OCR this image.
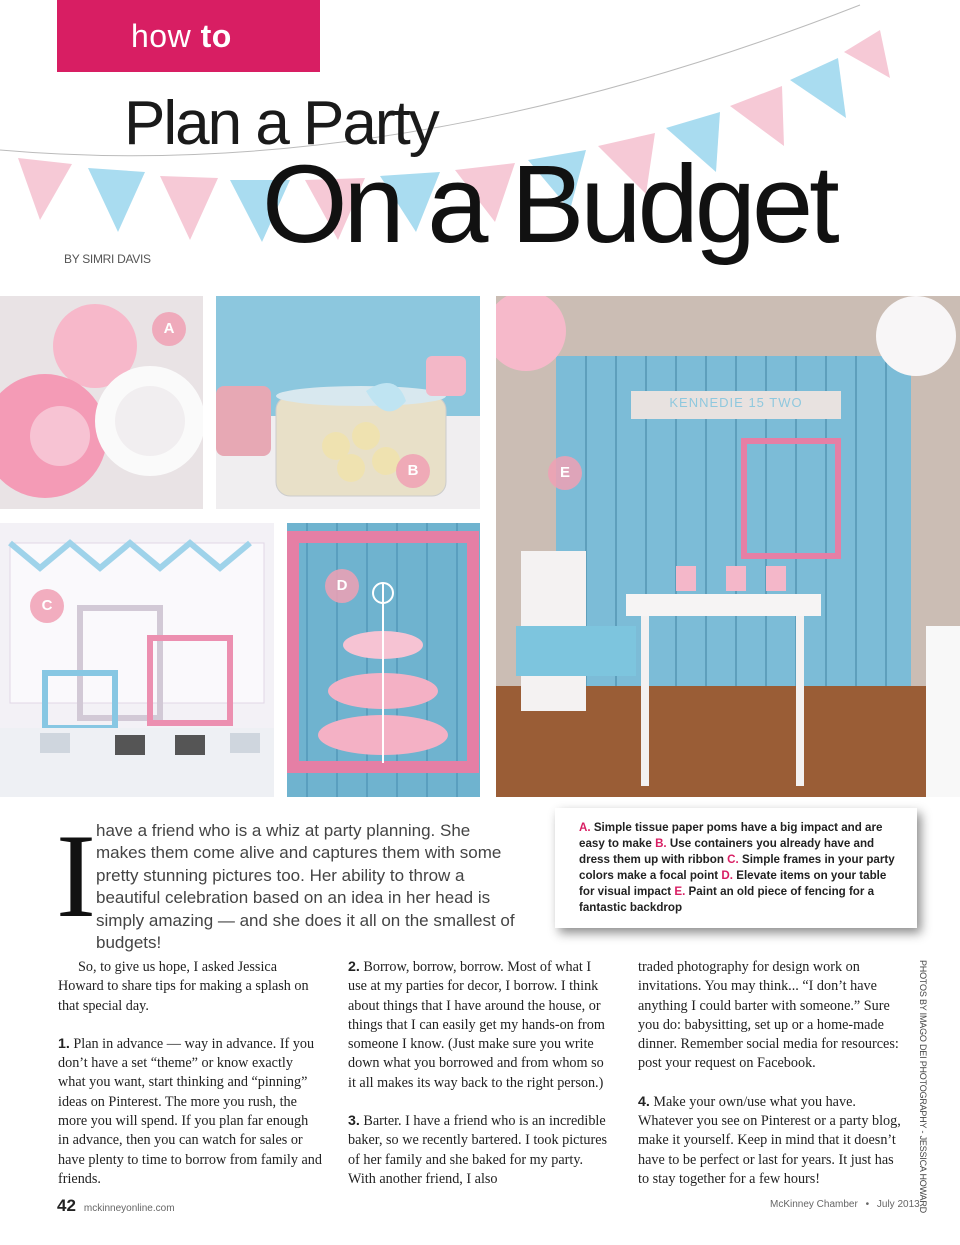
how to
Plan a Party
On a Budget
BY SIMRI DAVIS
A
B
C
D
KENNEDIE 15 TWO
E
I have a friend who is a whiz at party planning. She makes them come alive and captures them with some pretty stunning pictures too. Her ability to throw a beautiful celebration based on an idea in her head is simply amazing — and she does it all on the smallest of budgets!

A. Simple tissue paper poms have a big impact and are easy to make B. Use containers you already have and dress them up with ribbon C. Simple frames in your party colors make a focal point D. Elevate items on your table for visual impact E. Paint an old piece of fencing for a fantastic backdrop

So, to give us hope, I asked Jessica Howard to share tips for making a splash on that special day.

1. Plan in advance — way in advance. If you don’t have a set “theme” or know exactly what you want, start thinking and “pinning” ideas on Pinterest. The more you rush, the more you will spend. If you plan far enough in advance, then you can watch for sales or have plenty to time to borrow from family and friends.

2. Borrow, borrow, borrow. Most of what I use at my parties for decor, I borrow. I think about things that I have around the house, or things that I can easily get my hands-on from someone I know. (Just make sure you write down what you borrowed and from whom so it all makes its way back to the right person.)

3. Barter. I have a friend who is an incredible baker, so we recently bartered. I took pictures of her family and she baked for my party. With another friend, I also

traded photography for design work on invitations. You may think... “I don’t have anything I could barter with someone.” Sure you do: babysitting, set up or a home-made dinner. Remember social media for resources: post your request on Facebook.

4. Make your own/use what you have. Whatever you see on Pinterest or a party blog, make it yourself. Keep in mind that it doesn’t have to be perfect or last for years. It just has to stay together for a few hours!	PHOTOS BY IMAGO DEI PHOTOGRAPHY - JESSICA HOWARD
42 mckinneyonline.com	McKinney Chamber • July 2013
